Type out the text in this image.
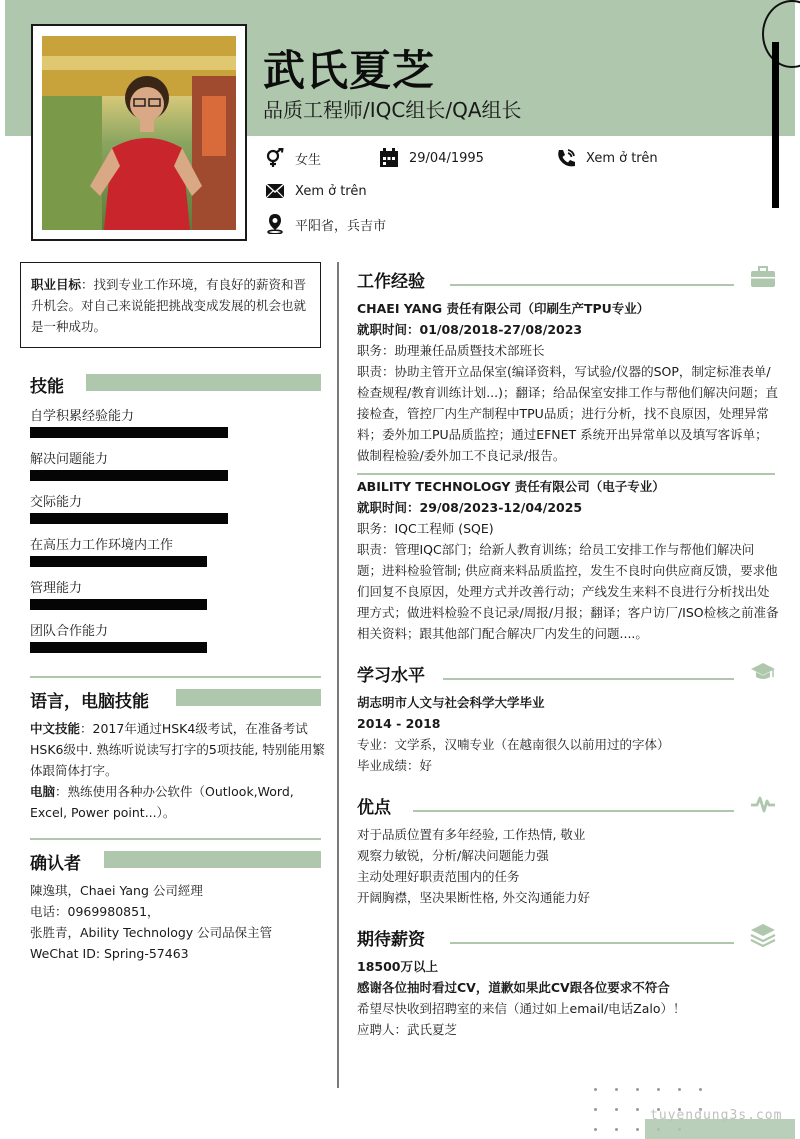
武氏夏芝
品质工程师/IQC组长/QA组长
女生	29/04/1995	Xem ở trên
Xem ở trên
平阳省，兵吉市
职业目标：找到专业工作环境，有良好的薪资和晋升机会。对自己来说能把挑战变成发展的机会也就是一种成功。
技能
自学积累经验能力
解决问题能力
交际能力
在高压力工作环境内工作
管理能力
团队合作能力
语言，电脑技能
中文技能：2017年通过HSK4级考试，在准备考试HSK6级中. 熟练听说读写打字的5项技能, 特别能用繁体跟简体打字。
电脑：熟练使用各种办公软件（Outlook,Word, Excel, Power point...）。
确认者
陳逸琪，Chaei Yang 公司經理
电话：0969980851，
张胜青，Ability Technology 公司品保主管
WeChat ID: Spring-57463
工作经验

CHAEI YANG 责任有限公司（印刷生产TPU专业）

就职时间：01/08/2018-27/08/2023

职务：助理兼任品质暨技术部班长

职责：协助主管开立品保室(编译资料，写试验/仪器的SOP，制定标准表单/检查规程/教育训练计划...)；翻译；给品保室安排工作与帮他们解决问题；直接检查，管控厂内生产制程中TPU品质；进行分析，找不良原因，处理异常料；委外加工PU品质监控；通过EFNET 系统开出异常单以及填写客诉单；做制程检验/委外加工不良记录/报告。

ABILITY TECHNOLOGY 责任有限公司（电子专业）

就职时间：29/08/2023-12/04/2025

职务：IQC工程师 (SQE)

职责：管理IQC部门；给新人教育训练；给员工安排工作与帮他们解决问题；进料检验管制; 供应商来料品质监控，发生不良时向供应商反馈，要求他们回复不良原因，处理方式并改善行动；产线发生来料不良进行分析找出处理方式；做进料检验不良记录/周报/月报；翻译；客户访厂/ISO检核之前准备相关资料；跟其他部门配合解决厂内发生的问题....。

学习水平

胡志明市人文与社会科学大学毕业

2014 - 2018

专业：文学系，汉喃专业（在越南很久以前用过的字体）

毕业成绩：好

优点

对于品质位置有多年经验, 工作热情, 敬业

观察力敏锐，分析/解决问题能力强

主动处理好职责范围内的任务

开阔胸襟，坚决果断性格, 外交沟通能力好

期待薪资

18500万以上

感谢各位抽时看过CV，道歉如果此CV跟各位要求不符合

希望尽快收到招聘室的来信（通过如上email/电话Zalo）！

应聘人：武氏夏芝

tuyendung3s.com
